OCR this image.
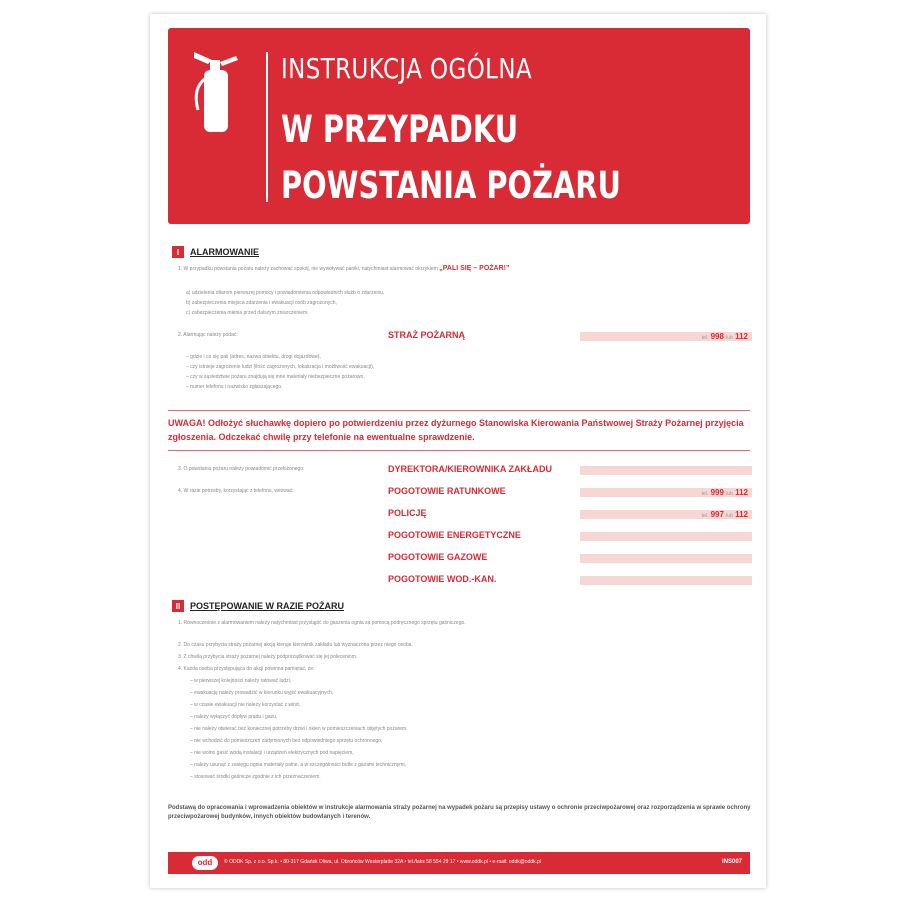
INSTRUKCJA OGÓLNA
W PRZYPADKU
POWSTANIA POŻARU
I	ALARMOWANIE
1. W przypadku powstania pożaru należy zachować spokój, nie wywoływać paniki, natychmiast alarmować okrzykiem „PALI SIĘ – POŻAR!”
a) udzielenia ofiarom pierwszej pomocy i powiadomienia odpowiednich służb o zdarzeniu,
b) zabezpieczenia miejsca zdarzenia i ewakuacji osób zagrożonych,
c) zabezpieczenia mienia przed dalszym zniszczeniem.
2. Alarmując należy podać:	STRAŻ POŻARNĄ	tel. 998 lub 112
– gdzie i co się pali (adres, nazwa obiektu, drogi dojazdowe),
– czy istnieje zagrożenie ludzi (ilość zagrożonych, lokalizacja i możliwość ewakuacji),
– czy w sąsiedztwie pożaru znajdują się inne materiały niebezpieczne pożarowo,
– numer telefonu i nazwisko zgłaszającego.
UWAGA! Odłożyć słuchawkę dopiero po potwierdzeniu przez dyżurnego Stanowiska Kierowania Państwowej Straży Pożarnej przyjęcia zgłoszenia. Odczekać chwilę przy telefonie na ewentualne sprawdzenie.
3. O powstaniu pożaru należy powiadomić przełożonego:
4. W razie potrzeby, korzystając z telefonu, wezwać:
DYREKTORA/KIEROWNIKA ZAKŁADU
POGOTOWIE RATUNKOWE	tel. 999 lub 112
POLICJĘ	tel. 997 lub 112
POGOTOWIE ENERGETYCZNE
POGOTOWIE GAZOWE
POGOTOWIE WOD.-KAN.
II	POSTĘPOWANIE W RAZIE POŻARU
1. Równocześnie z alarmowaniem należy natychmiast przystąpić do gaszenia ognia za pomocą podręcznego sprzętu gaśniczego.
2. Do czasu przybycia straży pożarnej akcją kieruje kierownik zakładu lub wyznaczona przez niego osoba.
3. Z chwilą przybycia straży pożarnej należy podporządkować się jej poleceniom.
4. Każda osoba przystępująca do akcji powinna pamiętać, że:
– w pierwszej kolejności należy ratować ludzi,
– ewakuację należy prowadzić w kierunku wyjść ewakuacyjnych,
– w czasie ewakuacji nie należy korzystać z wind,
– należy wyłączyć dopływ prądu i gazu,
– nie należy otwierać bez koniecznej potrzeby drzwi i okien w pomieszczeniach objętych pożarem,
– nie wchodzić do pomieszczeń zadymionych bez odpowiedniego sprzętu ochronnego,
– nie wolno gasić wodą instalacji i urządzeń elektrycznych pod napięciem,
– należy usunąć z zasięgu ognia materiały palne, a w szczególności butle z gazami technicznymi,
– stosować środki gaśnicze zgodnie z ich przeznaczeniem.
Podstawą do opracowania i wprowadzenia obiektów w instrukcje alarmowania straży pożarnej na wypadek pożaru są przepisy ustawy o ochronie przeciwpożarowej oraz rozporządzenia w sprawie ochrony przeciwpożarowej budynków, innych obiektów budowlanych i terenów.
odd	© ODDK Sp. z o.o. Sp.k. • 80-317 Gdańsk Oliwa, ul. Obrońców Westerplatte 32A • tel./faks 58 554 29 17 • www.oddk.pl • e-mail: oddk@oddk.pl	INS007
